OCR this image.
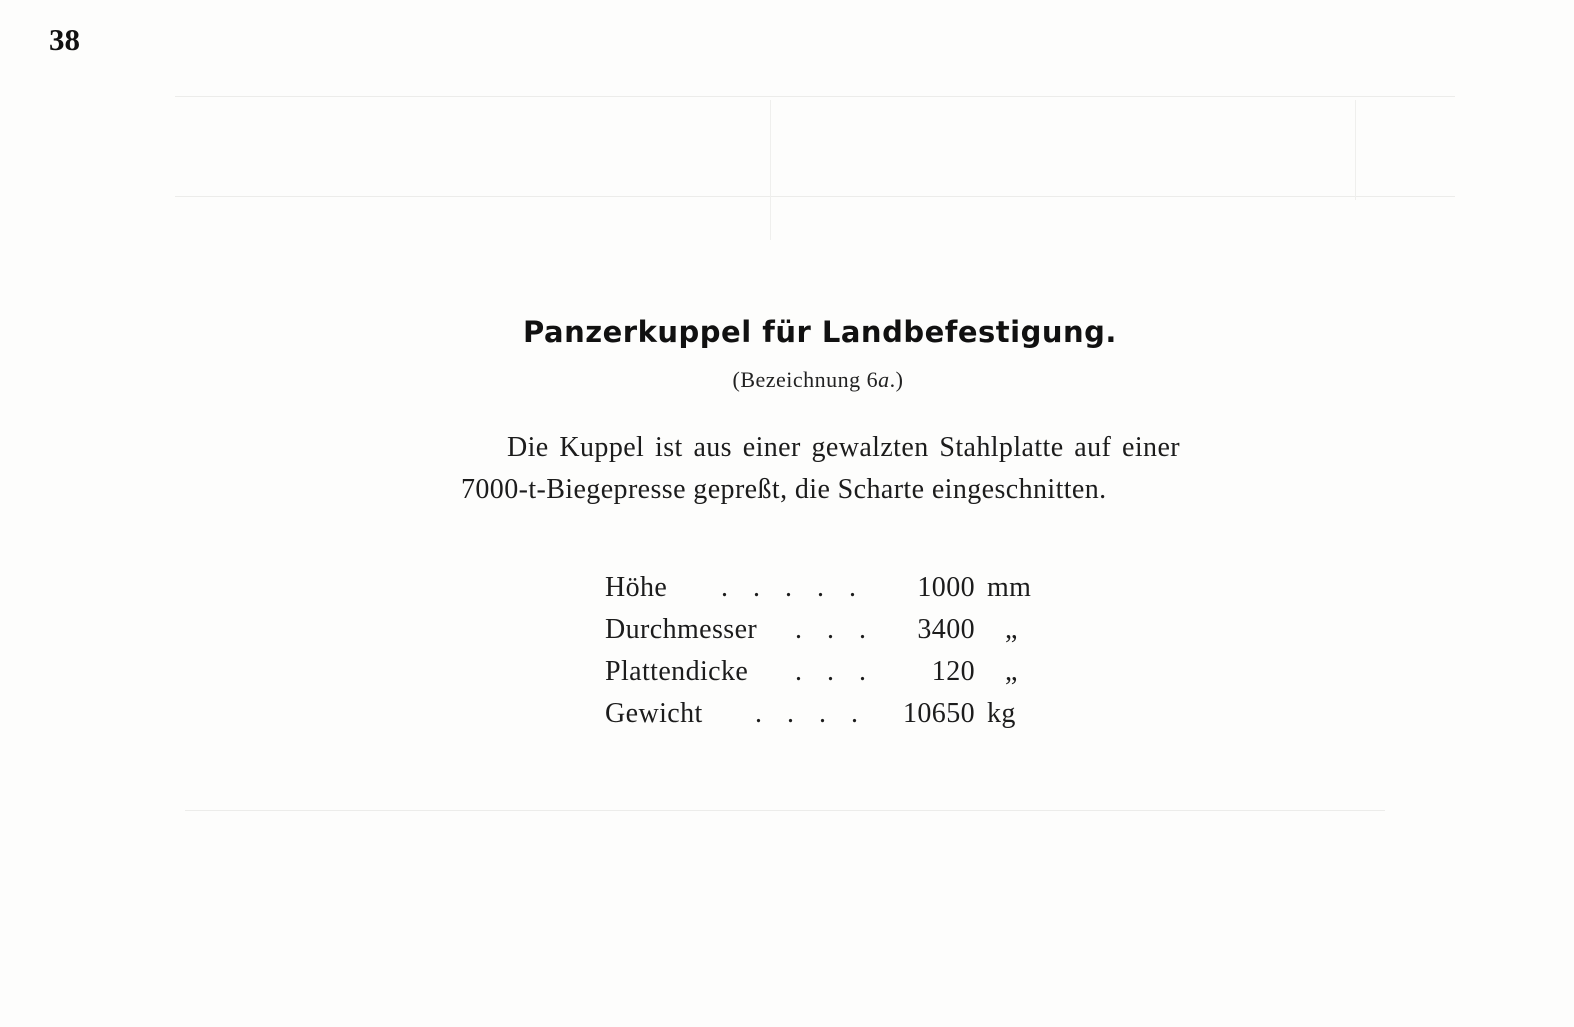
38
Panzerkuppel für Landbefestigung.
(Bezeichnung 6a.)

Die Kuppel ist aus einer gewalzten Stahlplatte auf einer 7000-t-Biegepresse gepreßt, die Scharte eingeschnitten.

Höhe . . . . .	1000 mm
Durchmesser . . .	3400 „
Plattendicke . . .	120 „
Gewicht . . . .	10650 kg
